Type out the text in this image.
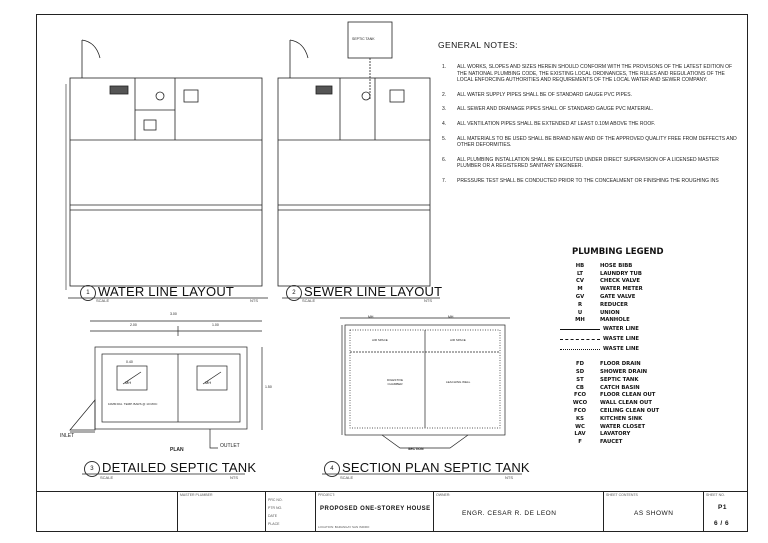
SEPTIC TANK
3.00
2.00	1.00
0.40
1.50
MH	MH
10MM DIA. TEMP. BARS @ 10 MOC
INLET
OUTLET
PLAN
MH	MH
AIR SPACE	AIR SPACE
DIGESTIVE CHAMBER	LEACHING WELL
SECTION
1 WATER LINE LAYOUT	2 SEWER LINE LAYOUT
3 DETAILED SEPTIC TANK	4 SECTION PLAN SEPTIC TANK
SCALE	NTS	SCALE	NTS
SCALE	NTS	SCALE	NTS
GENERAL NOTES:
1.	ALL WORKS, SLOPES AND SIZES HEREIN SHOULD CONFORM WITH THE PROVISONS OF THE LATEST EDITION OF THE NATIONAL PLUMBING CODE, THE EXISTING LOCAL ORDINANCES, THE RULES AND REGULATIONS OF THE LOCAL ENFORCING AUTHORITIES AND REQUIREMENTS OF THE LOCAL WATER AND SEWER COMPANY.
2.	ALL WATER SUPPLY PIPES SHALL BE OF STANDARD GAUGE PVC PIPES.
3.	ALL SEWER AND DRAINAGE PIPES SHALL OF STANDARD GAUGE PVC MATERIAL.
4.	ALL VENTILATION PIPES SHALL BE EXTENDED AT LEAST 0.10M ABOVE THE ROOF.
5.	ALL MATERIALS TO BE USED SHALL BE BRAND NEW AND OF THE APPROVED QUALITY FREE FROM DEFFECTS AND OTHER DEFORMITIES.
6.	ALL PLUMBING INSTALLATION SHALL BE EXECUTED UNDER DIRECT SUPERVISION OF A LICENSED MASTER PLUMBER OR A REGISTERED SANITARY ENGINEER.
7.	PRESSURE TEST SHALL BE CONDUCTED PRIOR TO THE CONCEALMENT OR FINISHING THE ROUGHING INS
PLUMBING LEGEND
HB	HOSE BIBB
LT	LAUNDRY TUB
CV	CHECK VALVE
M	WATER METER
GV	GATE VALVE
R	REDUCER
U	UNION
MH	MANHOLE
WATER LINE
WASTE LINE
WASTE LINE
FD	FLOOR DRAIN
SD	SHOWER DRAIN
ST	SEPTIC TANK
CB	CATCH BASIN
FCO	FLOOR CLEAN OUT
WCO	WALL CLEAN OUT
FCO	CEILING CLEAN OUT
KS	KITCHEN SINK
WC	WATER CLOSET
LAV	LAVATORY
F	FAUCET
MASTER PLUMBER
PRC NO.
PTR NO.
DATE
PLACE
PROJECT:
PROPOSED ONE-STOREY HOUSE
LOCATION: BARANGAY SAN ISIDRO
OWNER:
ENGR. CESAR R. DE LEON
SHEET CONTENTS
AS SHOWN
SHEET NO.
P1
6 / 6
